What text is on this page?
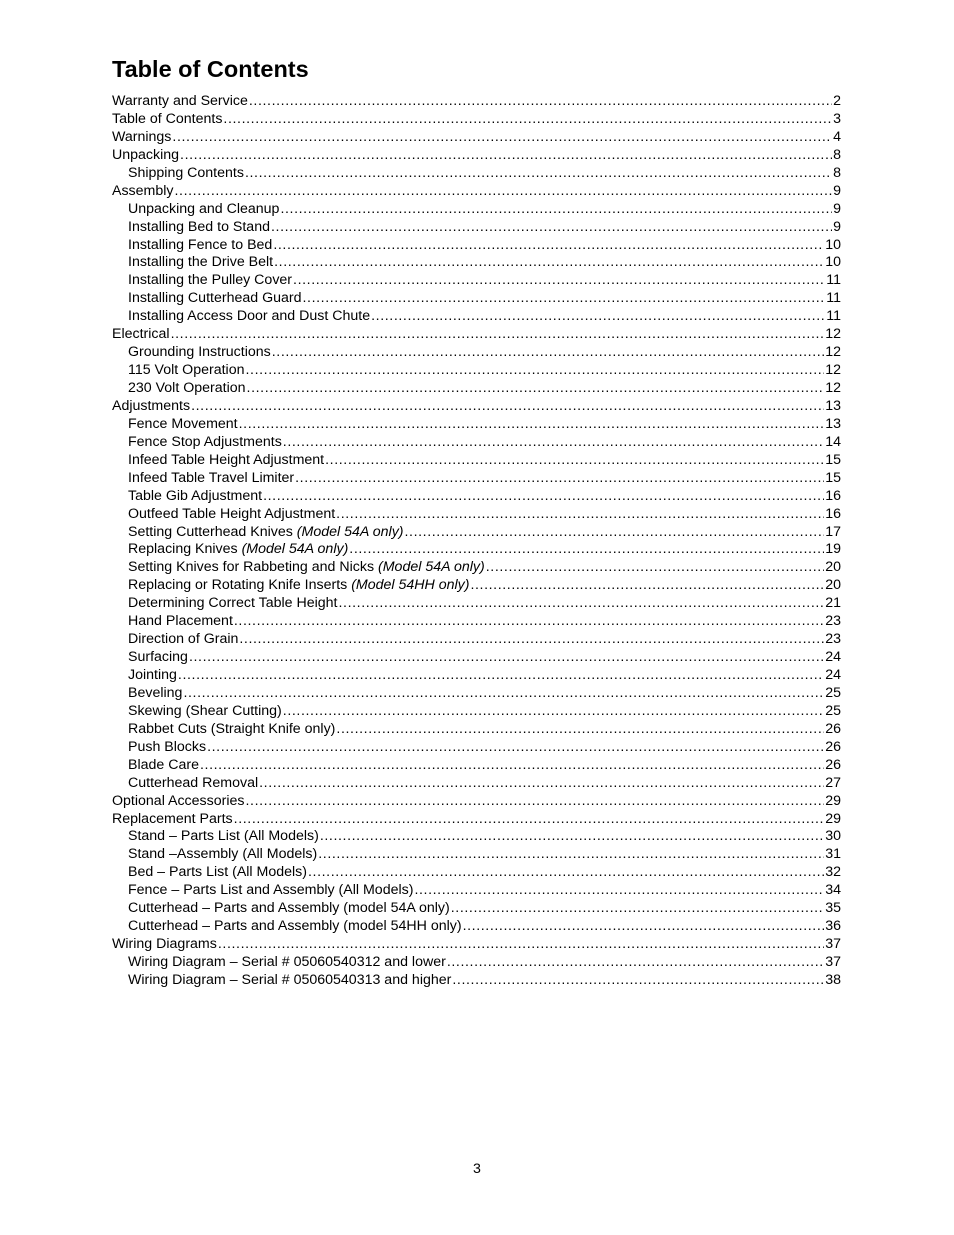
Table of Contents
Warranty and Service .....	2
Table of Contents .....	3
Warnings .....	4
Unpacking .....	8
Shipping Contents .....	8
Assembly .....	9
Unpacking and Cleanup .....	9
Installing Bed to Stand .....	9
Installing Fence to Bed .....	10
Installing the Drive Belt .....	10
Installing the Pulley Cover .....	11
Installing Cutterhead Guard .....	11
Installing Access Door and Dust Chute .....	11
Electrical .....	12
Grounding Instructions .....	12
115 Volt Operation .....	12
230 Volt Operation .....	12
Adjustments .....	13
Fence Movement .....	13
Fence Stop Adjustments .....	14
Infeed Table Height Adjustment .....	15
Infeed Table Travel Limiter .....	15
Table Gib Adjustment .....	16
Outfeed Table Height Adjustment .....	16
Setting Cutterhead Knives (Model 54A only) .....	17
Replacing Knives (Model 54A only) .....	19
Setting Knives for Rabbeting and Nicks (Model 54A only) .....	20
Replacing or Rotating Knife Inserts (Model 54HH only) .....	20
Determining Correct Table Height .....	21
Hand Placement .....	23
Direction of Grain .....	23
Surfacing .....	24
Jointing .....	24
Beveling .....	25
Skewing (Shear Cutting) .....	25
Rabbet Cuts (Straight Knife only) .....	26
Push Blocks .....	26
Blade Care .....	26
Cutterhead Removal .....	27
Optional Accessories .....	29
Replacement Parts .....	29
Stand – Parts List (All Models) .....	30
Stand –Assembly (All Models) .....	31
Bed – Parts List (All Models) .....	32
Fence – Parts List and Assembly (All Models) .....	34
Cutterhead – Parts and Assembly (model 54A only) .....	35
Cutterhead – Parts and Assembly (model 54HH only) .....	36
Wiring Diagrams .....	37
Wiring Diagram – Serial # 05060540312 and lower .....	37
Wiring Diagram – Serial # 05060540313 and higher .....	38
3
